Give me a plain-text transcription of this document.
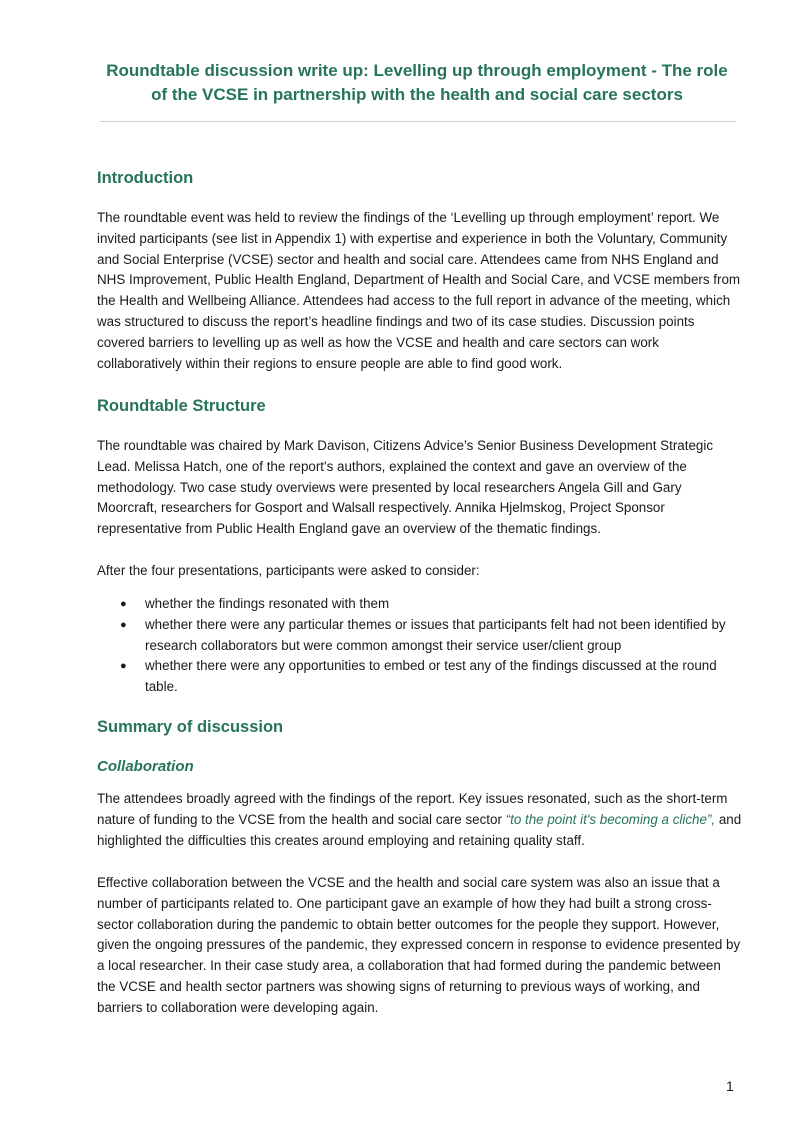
Roundtable discussion write up: Levelling up through employment - The role of the VCSE in partnership with the health and social care sectors
Introduction

The roundtable event was held to review the findings of the ‘Levelling up through employment’ report. We invited participants (see list in Appendix 1) with expertise and experience in both the Voluntary, Community and Social Enterprise (VCSE) sector and health and social care. Attendees came from NHS England and NHS Improvement, Public Health England, Department of Health and Social Care, and VCSE members from the Health and Wellbeing Alliance. Attendees had access to the full report in advance of the meeting, which was structured to discuss the report’s headline findings and two of its case studies. Discussion points covered barriers to levelling up as well as how the VCSE and health and care sectors can work collaboratively within their regions to ensure people are able to find good work.

Roundtable Structure

The roundtable was chaired by Mark Davison, Citizens Advice’s Senior Business Development Strategic Lead. Melissa Hatch, one of the report's authors, explained the context and gave an overview of the methodology. Two case study overviews were presented by local researchers Angela Gill and Gary Moorcraft, researchers for Gosport and Walsall respectively. Annika Hjelmskog, Project Sponsor representative from Public Health England gave an overview of the thematic findings.

After the four presentations, participants were asked to consider:

● whether the findings resonated with them
● whether there were any particular themes or issues that participants felt had not been identified by research collaborators but were common amongst their service user/client group
● whether there were any opportunities to embed or test any of the findings discussed at the round table.
Summary of discussion
Collaboration

The attendees broadly agreed with the findings of the report. Key issues resonated, such as the short-term nature of funding to the VCSE from the health and social care sector “to the point it's becoming a cliche”, and highlighted the difficulties this creates around employing and retaining quality staff.

Effective collaboration between the VCSE and the health and social care system was also an issue that a number of participants related to. One participant gave an example of how they had built a strong cross-sector collaboration during the pandemic to obtain better outcomes for the people they support. However, given the ongoing pressures of the pandemic, they expressed concern in response to evidence presented by a local researcher. In their case study area, a collaboration that had formed during the pandemic between the VCSE and health sector partners was showing signs of returning to previous ways of working, and barriers to collaboration were developing again.

1
